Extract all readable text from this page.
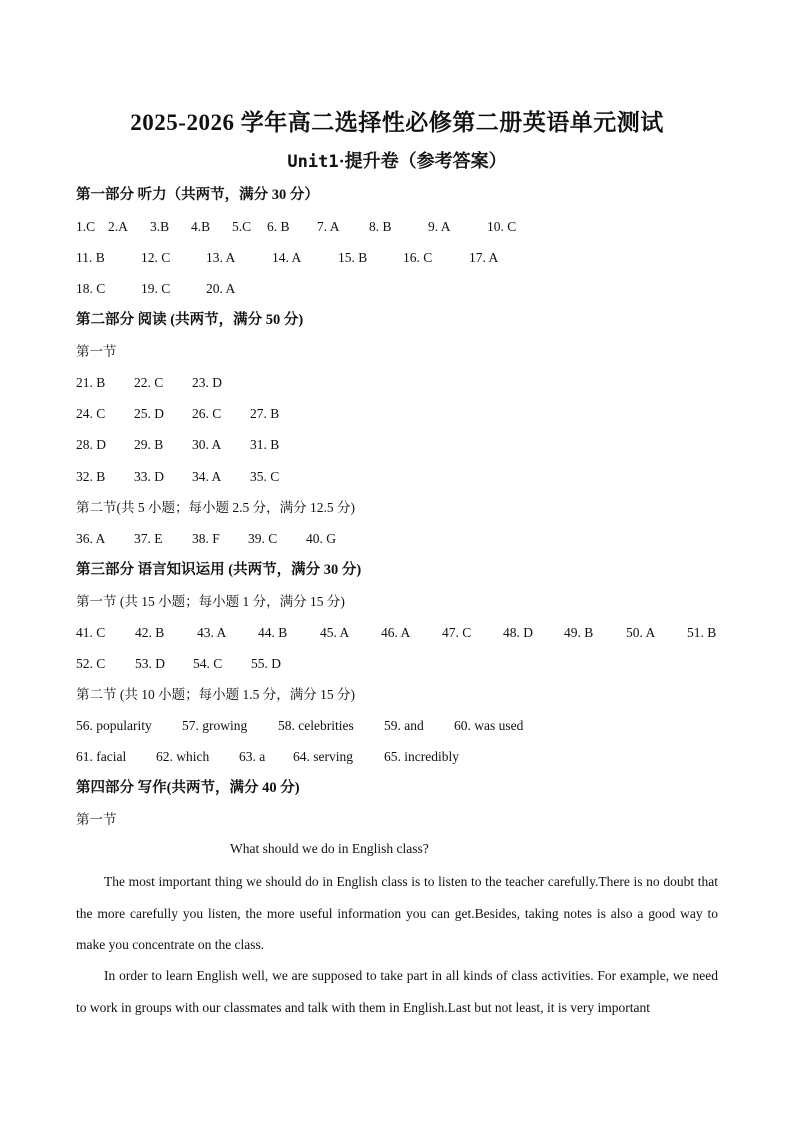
2025-2026 学年高二选择性必修第二册英语单元测试
Unit1·提升卷（参考答案）
第一部分 听力（共两节，满分 30 分）
1.C 2.A 3.B 4.B 5.C 6. B 7. A 8. B	9. A	10. C
11. B	12. C	13. A	14. A	15. B	16. C	17. A
18. C	19. C	20. A
第二部分 阅读 (共两节，满分 50 分)
第一节
21. B 22. C 23. D
24. C 25. D 26. C 27. B
28. D 29. B 30. A 31. B
32. B 33. D 34. A 35. C
第二节(共 5 小题；每小题 2.5 分，满分 12.5 分)
36. A 37. E 38. F 39. C 40. G
第三部分 语言知识运用 (共两节，满分 30 分)
第一节 (共 15 小题；每小题 1 分，满分 15 分)
41. C 42. B 43. A 44. B 45. A 46. A 47. C 48. D 49. B 50. A 51. B
52. C 53. D 54. C 55. D
第二节 (共 10 小题；每小题 1.5 分，满分 15 分)
56. popularity 57. growing 58. celebrities 59. and 60. was used
61. facial 62. which 63. a 64. serving 65. incredibly
第四部分 写作(共两节，满分 40 分)
第一节
What should we do in English class?

The most important thing we should do in English class is to listen to the teacher carefully.There is no doubt that the more carefully you listen, the more useful information you can get.Besides, taking notes is also a good way to make you concentrate on the class.

In order to learn English well, we are supposed to take part in all kinds of class activities. For example, we need to work in groups with our classmates and talk with them in English.Last but not least, it is very important
